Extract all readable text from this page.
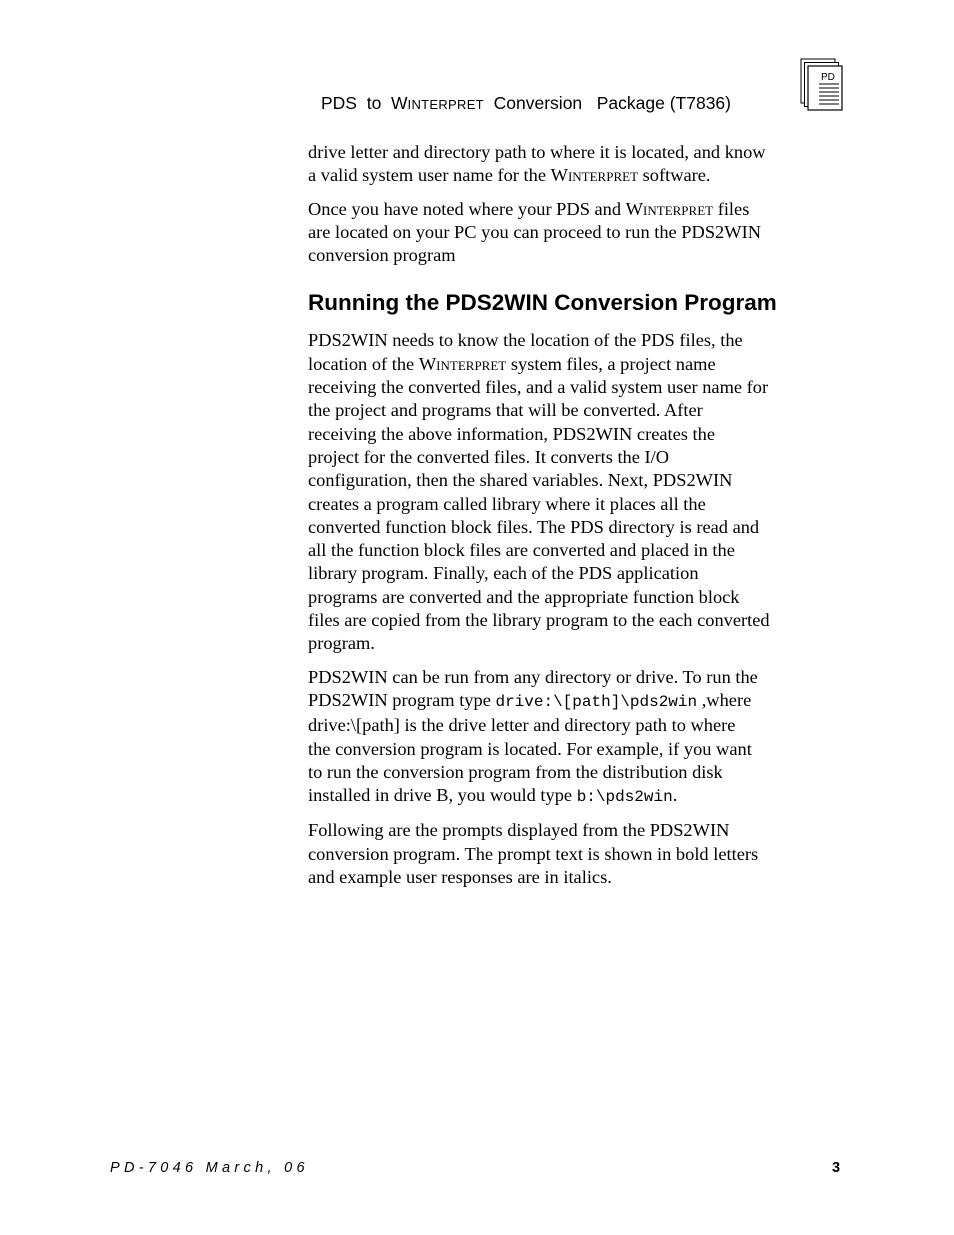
PDS  to  WINTERPRET  Conversion   Package (T7836)
PD

drive letter and directory path to where it is located, and know
a valid system user name for the Winterpret software.

Once you have noted where your PDS and Winterpret files
are located on your PC you can proceed to run the PDS2WIN
conversion program

Running the PDS2WIN Conversion Program

PDS2WIN needs to know the location of the PDS files, the
location of the Winterpret system files, a project name
receiving the converted files, and a valid system user name for
the project and programs that will be converted. After
receiving the above information, PDS2WIN creates the
project for the converted files. It converts the I/O
configuration, then the shared variables. Next, PDS2WIN
creates a program called library where it places all the
converted function block files. The PDS directory is read and
all the function block files are converted and placed in the
library program. Finally, each of the PDS application
programs are converted and the appropriate function block
files are copied from the library program to the each converted
program.

PDS2WIN can be run from any directory or drive. To run the
PDS2WIN program type drive:\[path]\pds2win ,where
drive:\[path] is the drive letter and directory path to where
the conversion program is located. For example, if you want
to run the conversion program from the distribution disk
installed in drive B, you would type b:\pds2win.

Following are the prompts displayed from the PDS2WIN
conversion program. The prompt text is shown in bold letters
and example user responses are in italics.

PD-7046 March, 06	3
